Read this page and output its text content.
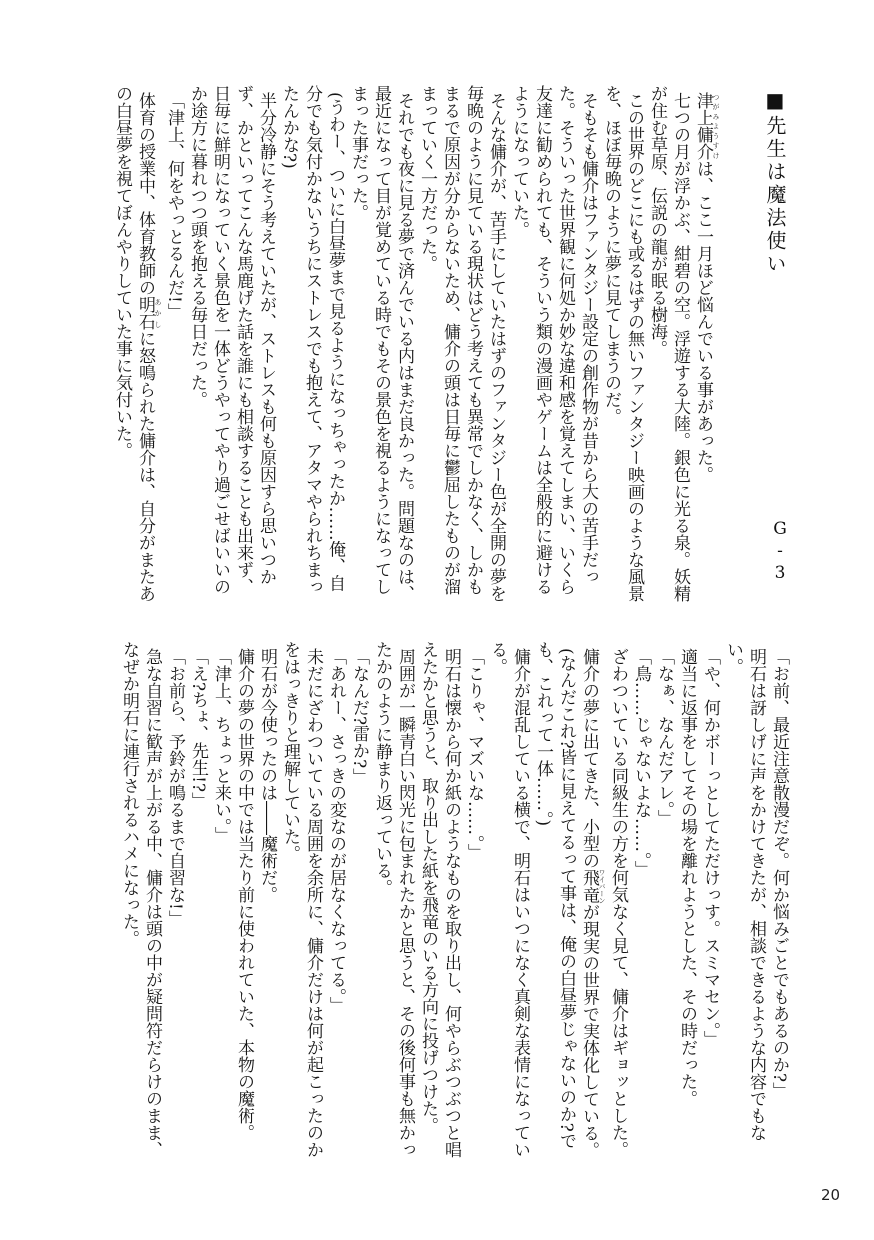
■先生は魔法使い
G-3

津上傭介 つがみようすけは、ここ一月ほど悩んでいる事があった。

七つの月が浮かぶ、紺碧の空。浮遊する大陸。銀色に光る泉。妖精が住む草原、伝説の龍が眠る樹海。

この世界のどこにも或るはずの無いファンタジー映画のような風景を、ほぼ毎晩のように夢に見てしまうのだ。

そもそも傭介はファンタジー設定の創作物が昔から大の苦手だった。そういった世界観に何処か妙な違和感を覚えてしまい、いくら友達に勧められても、そういう類の漫画やゲームは全般的に避けるようになっていた。

そんな傭介が、苦手にしていたはずのファンタジー色が全開の夢を毎晩のように見ている現状はどう考えても異常でしかなく、しかもまるで原因が分からないため、傭介の頭は日毎に鬱屈したものが溜まっていく一方だった。

それでも夜に見る夢で済んでいる内はまだ良かった。問題なのは、最近になって目が覚めている時でもその景色を視るようになってしまった事だった。

(うわー、ついに白昼夢まで見るようになっちゃったか……俺、自分でも気付かないうちにストレスでも抱えて、アタマやられちまったんかな?)

半分冷静にそう考えていたが、ストレスも何も原因すら思いつかず、かといってこんな馬鹿げた話を誰にも相談することも出来ず、日毎に鮮明になっていく景色を一体どうやってやり過ごせばいいのか途方に暮れつつ頭を抱える毎日だった。

「津上、何をやっとるんだ!」

体育の授業中、体育教師の明石 あかしに怒鳴られた傭介は、自分がまたあの白昼夢を視てぼんやりしていた事に気付いた。

「お前、最近注意散漫だぞ。何か悩みごとでもあるのか?」

明石は訝しげに声をかけてきたが、相談できるような内容でもない。

「や、何かボーっとしてただけっす。スミマセン。」

適当に返事をしてその場を離れようとした、その時だった。

「なぁ、なんだアレ。」

「鳥……じゃないよな……。」

ざわついている同級生の方を何気なく見て、傭介はギョッとした。

傭介の夢に出てきた、小型の飛竜 ワイバーンが現実の世界で実体化している。

(なんだこれ?皆に見えてるって事は、俺の白昼夢じゃないのか?でも、これって一体……。)

傭介が混乱している横で、明石はいつになく真剣な表情になっている。

「こりゃ、マズいな……。」

明石は懐から何か紙のようなものを取り出し、何やらぶつぶつと唱えたかと思うと、取り出した紙を飛竜のいる方向に投げつけた。

周囲が一瞬青白い閃光に包まれたかと思うと、その後何事も無かったかのように静まり返っている。

「なんだ?雷か?」

「あれー、さっきの変なのが居なくなってる。」

未だにざわついている周囲を余所に、傭介だけは何が起こったのかをはっきりと理解していた。

明石が今使ったのは――魔術だ。

傭介の夢の世界の中では当たり前に使われていた、本物の魔術。

「津上、ちょっと来い。」

「え?ちょ、先生!?」

「お前ら、予鈴が鳴るまで自習な!」

急な自習に歓声が上がる中、傭介は頭の中が疑問符だらけのまま、なぜか明石に連行されるハメになった。

20
